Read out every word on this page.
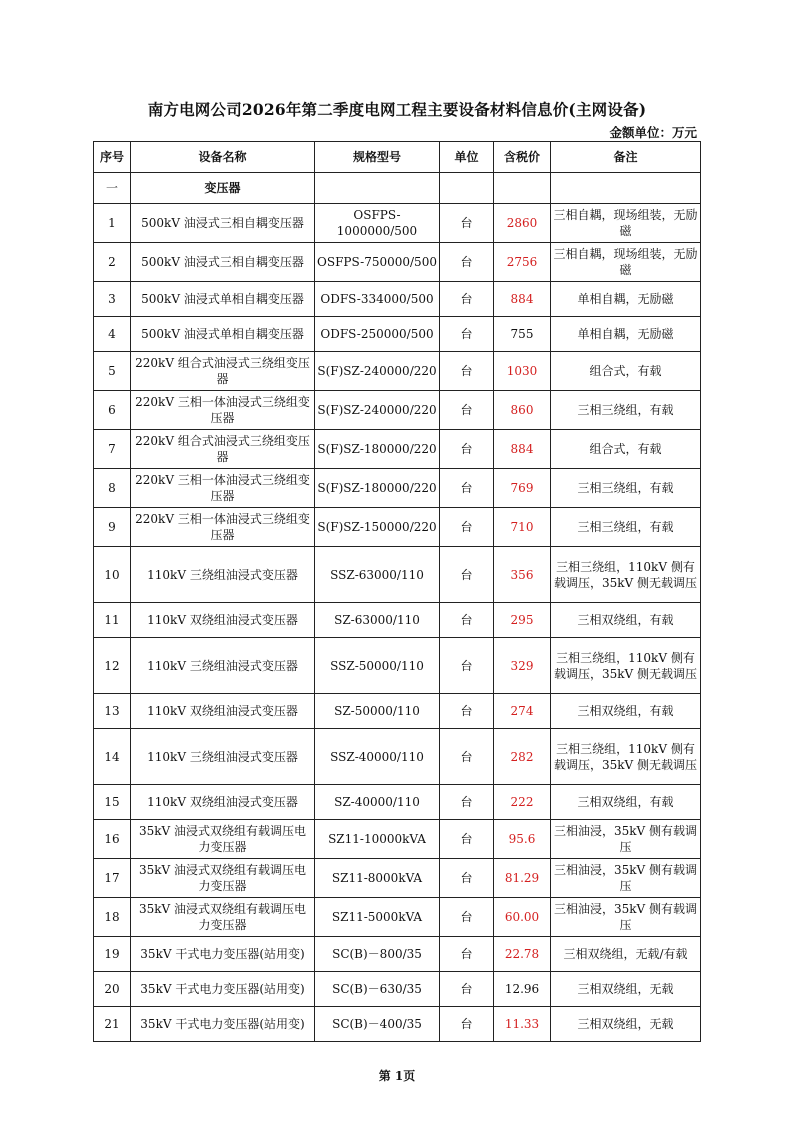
南方电网公司2026年第二季度电网工程主要设备材料信息价(主网设备)
金额单位：万元
序号	设备名称	规格型号	单位	含税价	备注
一	变压器				
1	500kV 油浸式三相自耦变压器	OSFPS-1000000/500	台	2860	三相自耦，现场组装，无励磁
2	500kV 油浸式三相自耦变压器	OSFPS-750000/500	台	2756	三相自耦，现场组装，无励磁
3	500kV 油浸式单相自耦变压器	ODFS-334000/500	台	884	单相自耦，无励磁
4	500kV 油浸式单相自耦变压器	ODFS-250000/500	台	755	单相自耦，无励磁
5	220kV 组合式油浸式三绕组变压器	S(F)SZ-240000/220	台	1030	组合式，有载
6	220kV 三相一体油浸式三绕组变压器	S(F)SZ-240000/220	台	860	三相三绕组，有载
7	220kV 组合式油浸式三绕组变压器	S(F)SZ-180000/220	台	884	组合式，有载
8	220kV 三相一体油浸式三绕组变压器	S(F)SZ-180000/220	台	769	三相三绕组，有载
9	220kV 三相一体油浸式三绕组变压器	S(F)SZ-150000/220	台	710	三相三绕组，有载
10	110kV 三绕组油浸式变压器	SSZ-63000/110	台	356	三相三绕组，110kV 侧有载调压，35kV 侧无载调压
11	110kV 双绕组油浸式变压器	SZ-63000/110	台	295	三相双绕组，有载
12	110kV 三绕组油浸式变压器	SSZ-50000/110	台	329	三相三绕组，110kV 侧有载调压，35kV 侧无载调压
13	110kV 双绕组油浸式变压器	SZ-50000/110	台	274	三相双绕组，有载
14	110kV 三绕组油浸式变压器	SSZ-40000/110	台	282	三相三绕组，110kV 侧有载调压，35kV 侧无载调压
15	110kV 双绕组油浸式变压器	SZ-40000/110	台	222	三相双绕组，有载
16	35kV 油浸式双绕组有载调压电力变压器	SZ11-10000kVA	台	95.6	三相油浸，35kV 侧有载调压
17	35kV 油浸式双绕组有载调压电力变压器	SZ11-8000kVA	台	81.29	三相油浸，35kV 侧有载调压
18	35kV 油浸式双绕组有载调压电力变压器	SZ11-5000kVA	台	60.00	三相油浸，35kV 侧有载调压
19	35kV 干式电力变压器(站用变)	SC(B)－800/35	台	22.78	三相双绕组，无载/有载
20	35kV 干式电力变压器(站用变)	SC(B)－630/35	台	12.96	三相双绕组，无载
21	35kV 干式电力变压器(站用变)	SC(B)－400/35	台	11.33	三相双绕组，无载
第 1页
